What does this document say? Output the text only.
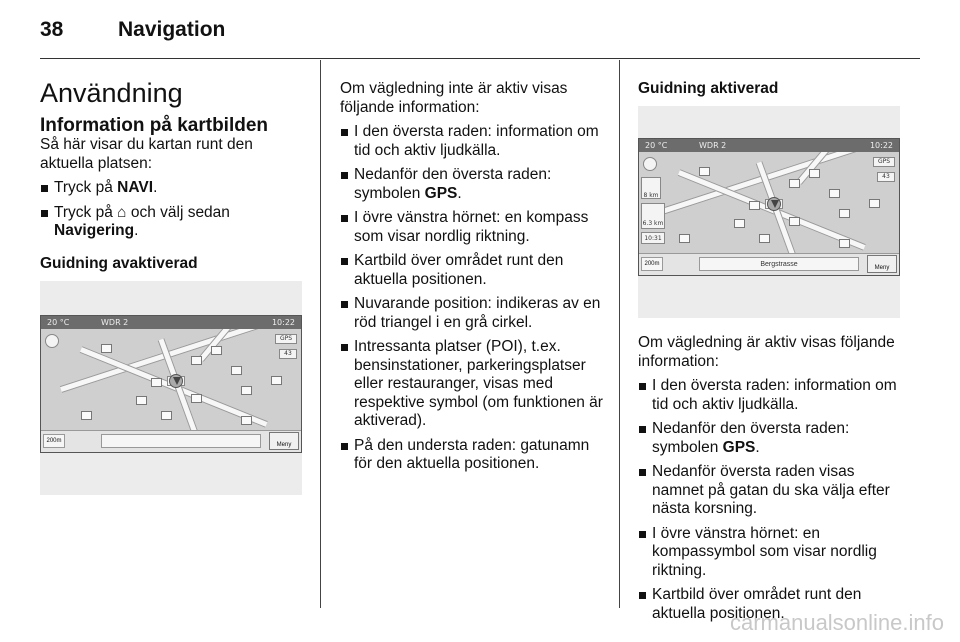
38	Navigation
Användning
Information på kartbilden

Så här visar du kartan runt den aktuella platsen:

Tryck på NAVI.
Tryck på ⌂ och välj sedan Navigering.
Guidning avaktiverad
20 °C	WDR 2	10:22
GPS
43
200m
Meny

Om vägledning inte är aktiv visas följande information:

I den översta raden: information om tid och aktiv ljudkälla.
Nedanför den översta raden: symbolen GPS.
I övre vänstra hörnet: en kompass som visar nordlig riktning.
Kartbild över området runt den aktuella positionen.
Nuvarande position: indikeras av en röd triangel i en grå cirkel.
Intressanta platser (POI), t.ex. bensinstationer, parkeringsplatser eller restauranger, visas med respektive symbol (om funktionen är aktiverad).
På den understa raden: gatunamn för den aktuella positionen.
Guidning aktiverad
20 °C	WDR 2	10:22
GPS
43
200m
Meny
Bergstrasse
8 km
6.3 km
10:31

Om vägledning är aktiv visas följande information:

I den översta raden: information om tid och aktiv ljudkälla.
Nedanför den översta raden: symbolen GPS.
Nedanför översta raden visas namnet på gatan du ska välja efter nästa korsning.
I övre vänstra hörnet: en kompassymbol som visar nordlig riktning.
Kartbild över området runt den aktuella positionen.
carmanualsonline.info
